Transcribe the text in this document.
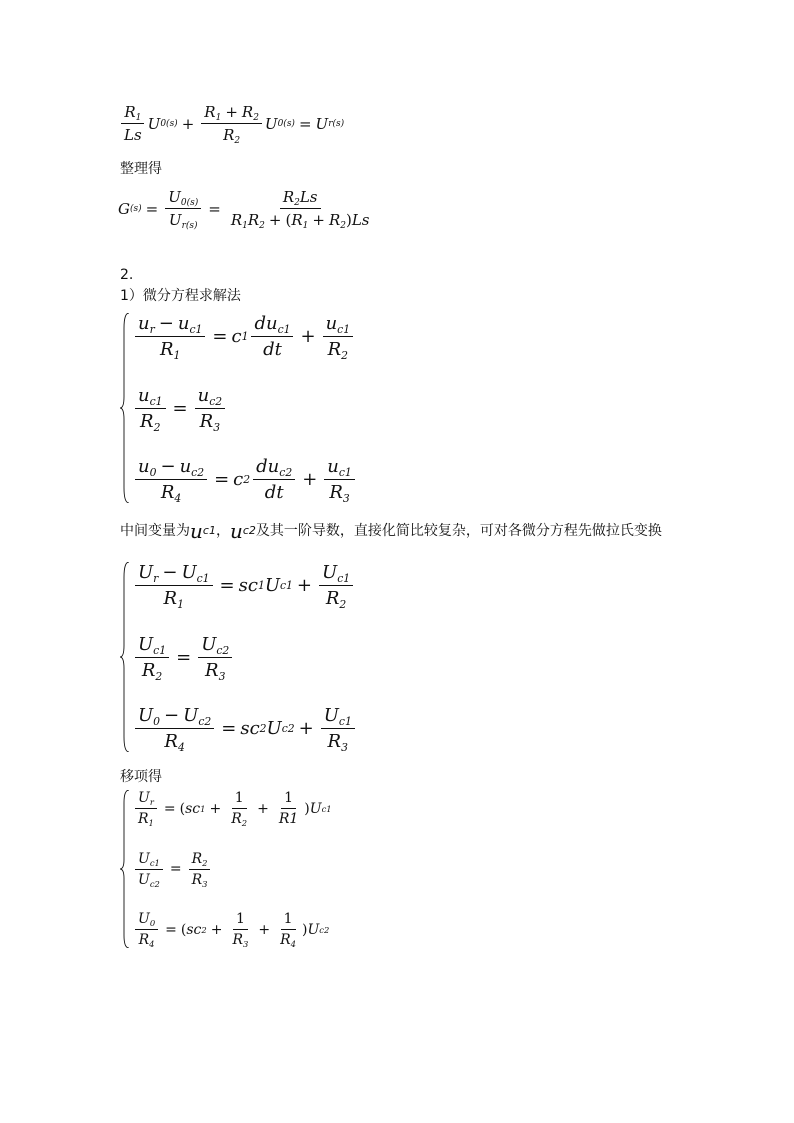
$\frac{R_1}{Ls}$ U $0(s) + \frac{R_1 + R_2}{R_2}$ U 0(s) = U r(s)
整理得
G $(s) = \frac{U_{0(s)}}{U_{r(s)}} = \frac{R_2Ls}{R_1R_2 + (R_1 + R_2)Ls}$
2.
1）微分方程求解法
$\frac{u_r - u_{c1}}{R_1} = c$ $1 \frac{du_{c1}}{dt} + \frac{u_{c1}}{R_2}$
$\frac{u_{c1}}{R_2} = \frac{u_{c2}}{R_3}$
$\frac{u_0 - u_{c2}}{R_4} = c$ $2 \frac{du_{c2}}{dt} + \frac{u_{c1}}{R_3}$
中间变量为 u c1 ， u c2 及其一阶导数，直接化简比较复杂，可对各微分方程先做拉氏变换
$\frac{U_r - U_{c1}}{R_1}$ = sc 1 U $c1 + \frac{U_{c1}}{R_2}$
$\frac{U_{c1}}{R_2} = \frac{U_{c2}}{R_3}$
$\frac{U_0 - U_{c2}}{R_4}$ = sc 2 U $c2 + \frac{U_{c1}}{R_3}$
移项得
$\frac{U_r}{R_1}$ = ( sc $1 + \frac{1}{R_2} + \frac{1}{R1}$ ) U c1
$\frac{U_{c1}}{U_{c2}} = \frac{R_2}{R_3}$
$\frac{U_0}{R_4}$ = ( sc $2 + \frac{1}{R_3} + \frac{1}{R_4}$ ) U c2
